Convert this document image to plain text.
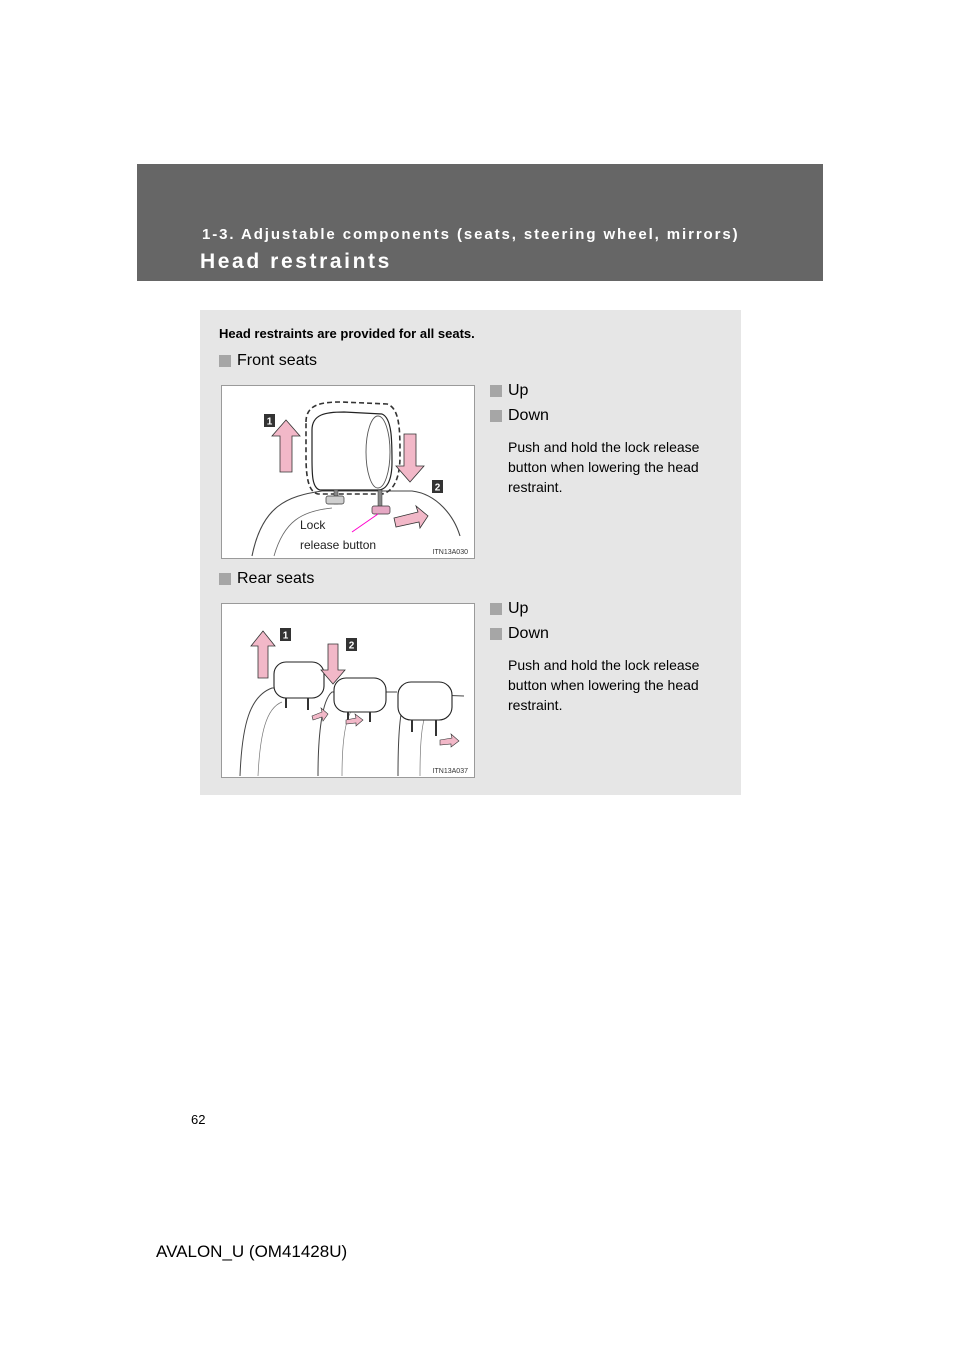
1-3. Adjustable components (seats, steering wheel, mirrors)
Head restraints
Head restraints are provided for all seats.
Front seats
1
2
Lock
release button
ITN13A030
Up
Down
Push and hold the lock release button when lowering the head restraint.
Rear seats
1
2
ITN13A037
Up
Down
Push and hold the lock release button when lowering the head restraint.
62
AVALON_U (OM41428U)
